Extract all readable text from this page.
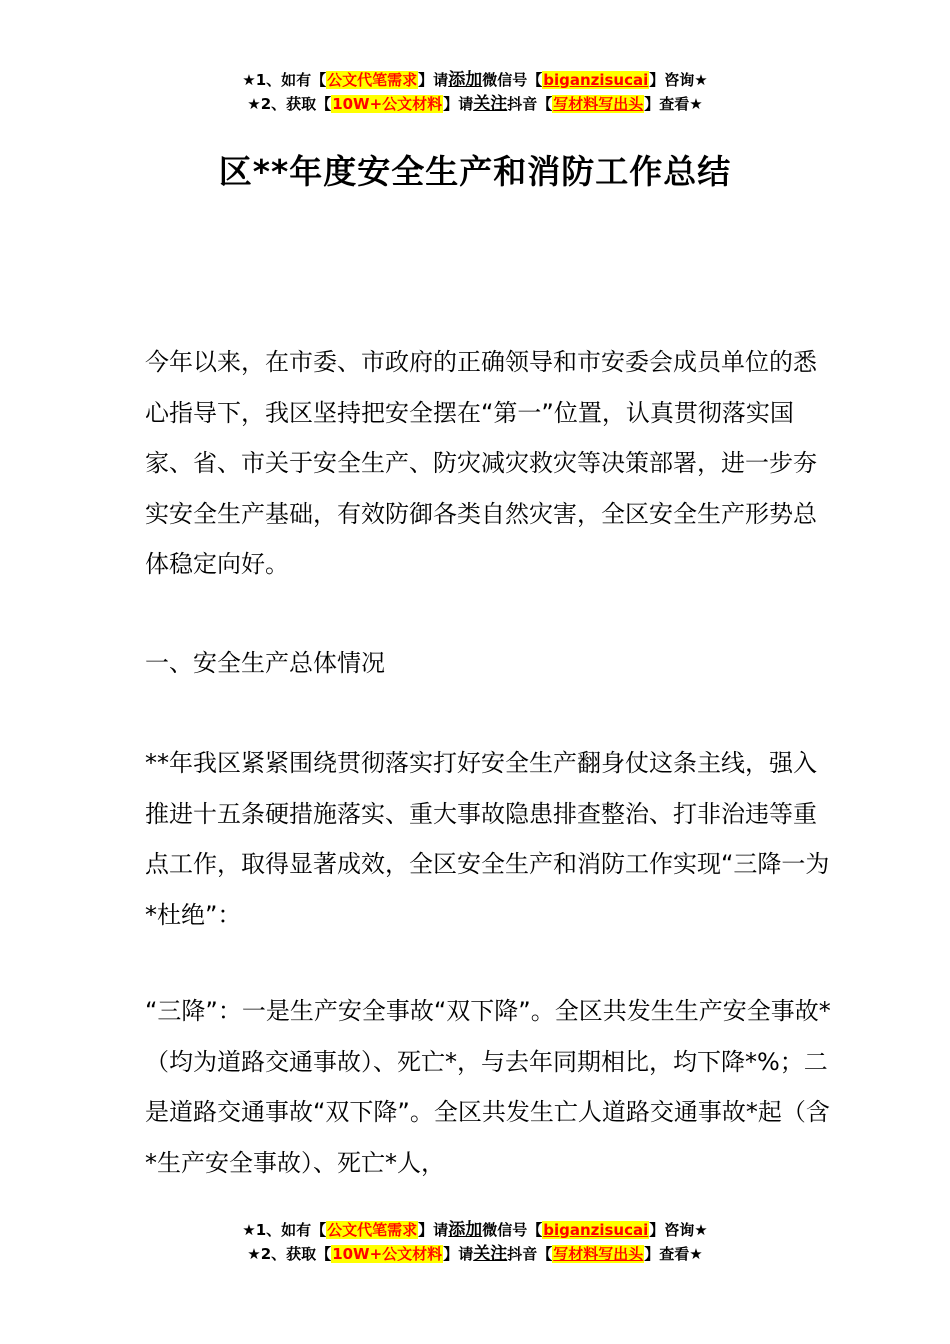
★1、如有【公文代笔需求】请添加微信号【biganzisucai】咨询★
★2、获取【10W+公文材料】请关注抖音【写材料写出头】查看★
区**年度安全生产和消防工作总结

今年以来，在市委、市政府的正确领导和市安委会成员单位的悉心指导下，我区坚持把安全摆在“第一”位置，认真贯彻落实国家、省、市关于安全生产、防灾减灾救灾等决策部署，进一步夯实安全生产基础，有效防御各类自然灾害，全区安全生产形势总体稳定向好。

一、安全生产总体情况

**年我区紧紧围绕贯彻落实打好安全生产翻身仗这条主线，强入推进十五条硬措施落实、重大事故隐患排查整治、打非治违等重点工作，取得显著成效，全区安全生产和消防工作实现“三降一为*杜绝”：

“三降”：一是生产安全事故“双下降”。全区共发生生产安全事故*（均为道路交通事故）、死亡*，与去年同期相比，均下降*%；二是道路交通事故“双下降”。全区共发生亡人道路交通事故*起（含*生产安全事故）、死亡*人，

★1、如有【公文代笔需求】请添加微信号【biganzisucai】咨询★
★2、获取【10W+公文材料】请关注抖音【写材料写出头】查看★
